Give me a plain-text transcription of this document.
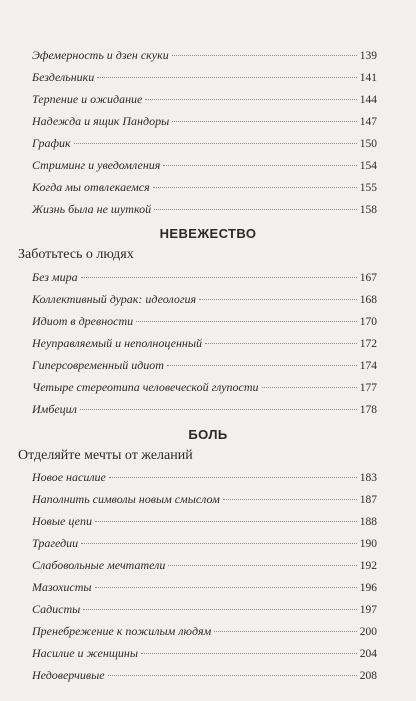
Эфемерность и дзен скуки	139
Бездельники	141
Терпение и ожидание	144
Надежда и ящик Пандоры	147
График	150
Стриминг и уведомления	154
Когда мы отвлекаемся	155
Жизнь была не шуткой	158
НЕВЕЖЕСТВО
Заботьтесь о людях
Без мира	167
Коллективный дурак: идеология	168
Идиот в древности	170
Неуправляемый и неполноценный	172
Гиперсовременный идиот	174
Четыре стереотипа человеческой глупости	177
Имбецил	178
БОЛЬ
Отделяйте мечты от желаний
Новое насилие	183
Наполнить символы новым смыслом	187
Новые цепи	188
Трагедии	190
Слабовольные мечтатели	192
Мазохисты	196
Садисты	197
Пренебрежение к пожилым людям	200
Насилие и женщины	204
Недоверчивые	208
